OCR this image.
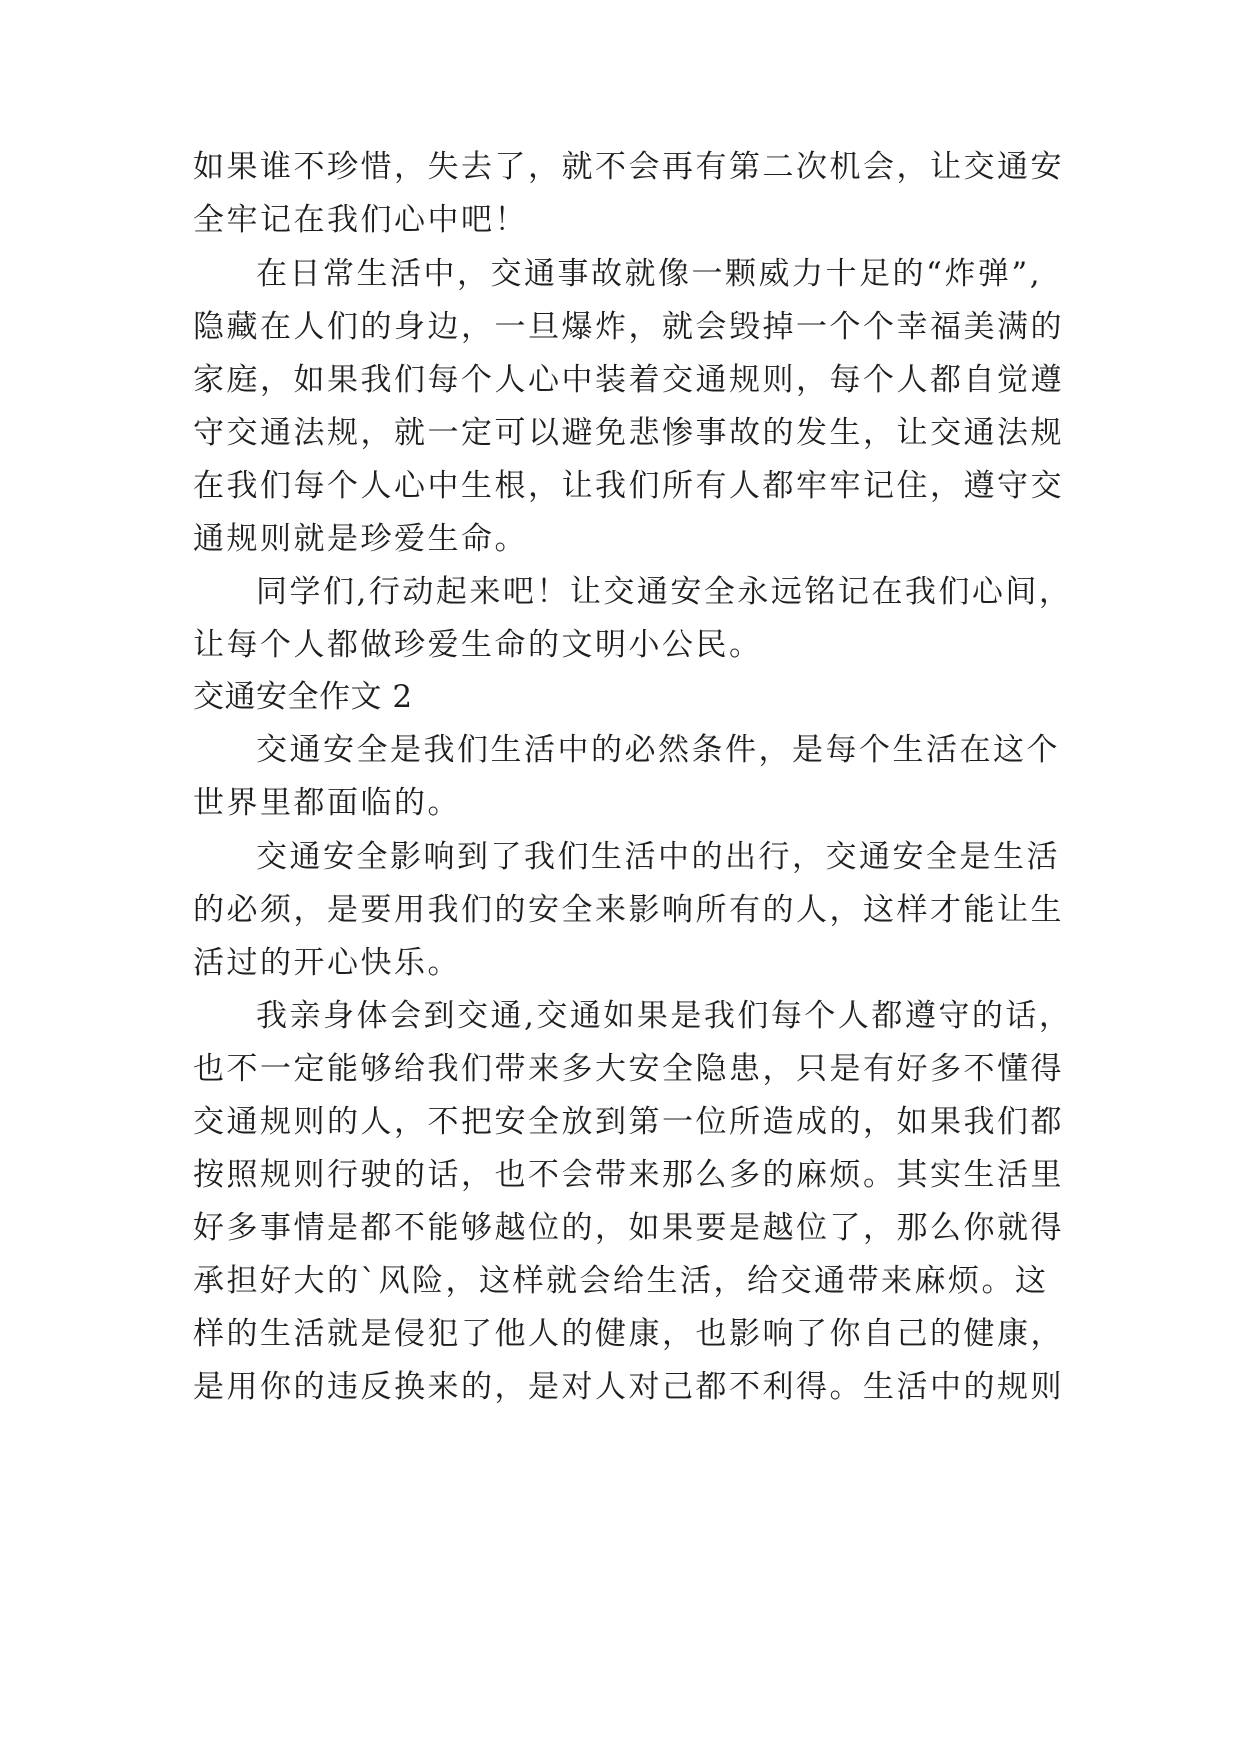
如果谁不珍惜，失去了，就不会再有第二次机会，让交通安

全牢记在我们心中吧！

在日常生活中，交通事故就像一颗威力十足的“炸弹”,

隐藏在人们的身边，一旦爆炸，就会毁掉一个个幸福美满的

家庭，如果我们每个人心中装着交通规则，每个人都自觉遵

守交通法规，就一定可以避免悲惨事故的发生，让交通法规

在我们每个人心中生根，让我们所有人都牢牢记住，遵守交

通规则就是珍爱生命。

同学们,行动起来吧！让交通安全永远铭记在我们心间，

让每个人都做珍爱生命的文明小公民。

交通安全作文 2

交通安全是我们生活中的必然条件，是每个生活在这个

世界里都面临的。

交通安全影响到了我们生活中的出行，交通安全是生活

的必须，是要用我们的安全来影响所有的人，这样才能让生

活过的开心快乐。

我亲身体会到交通,交通如果是我们每个人都遵守的话，

也不一定能够给我们带来多大安全隐患，只是有好多不懂得

交通规则的人，不把安全放到第一位所造成的，如果我们都

按照规则行驶的话，也不会带来那么多的麻烦。其实生活里

好多事情是都不能够越位的，如果要是越位了，那么你就得

承担好大的`风险，这样就会给生活，给交通带来麻烦。这

样的生活就是侵犯了他人的健康，也影响了你自己的健康，

是用你的违反换来的，是对人对己都不利得。生活中的规则
